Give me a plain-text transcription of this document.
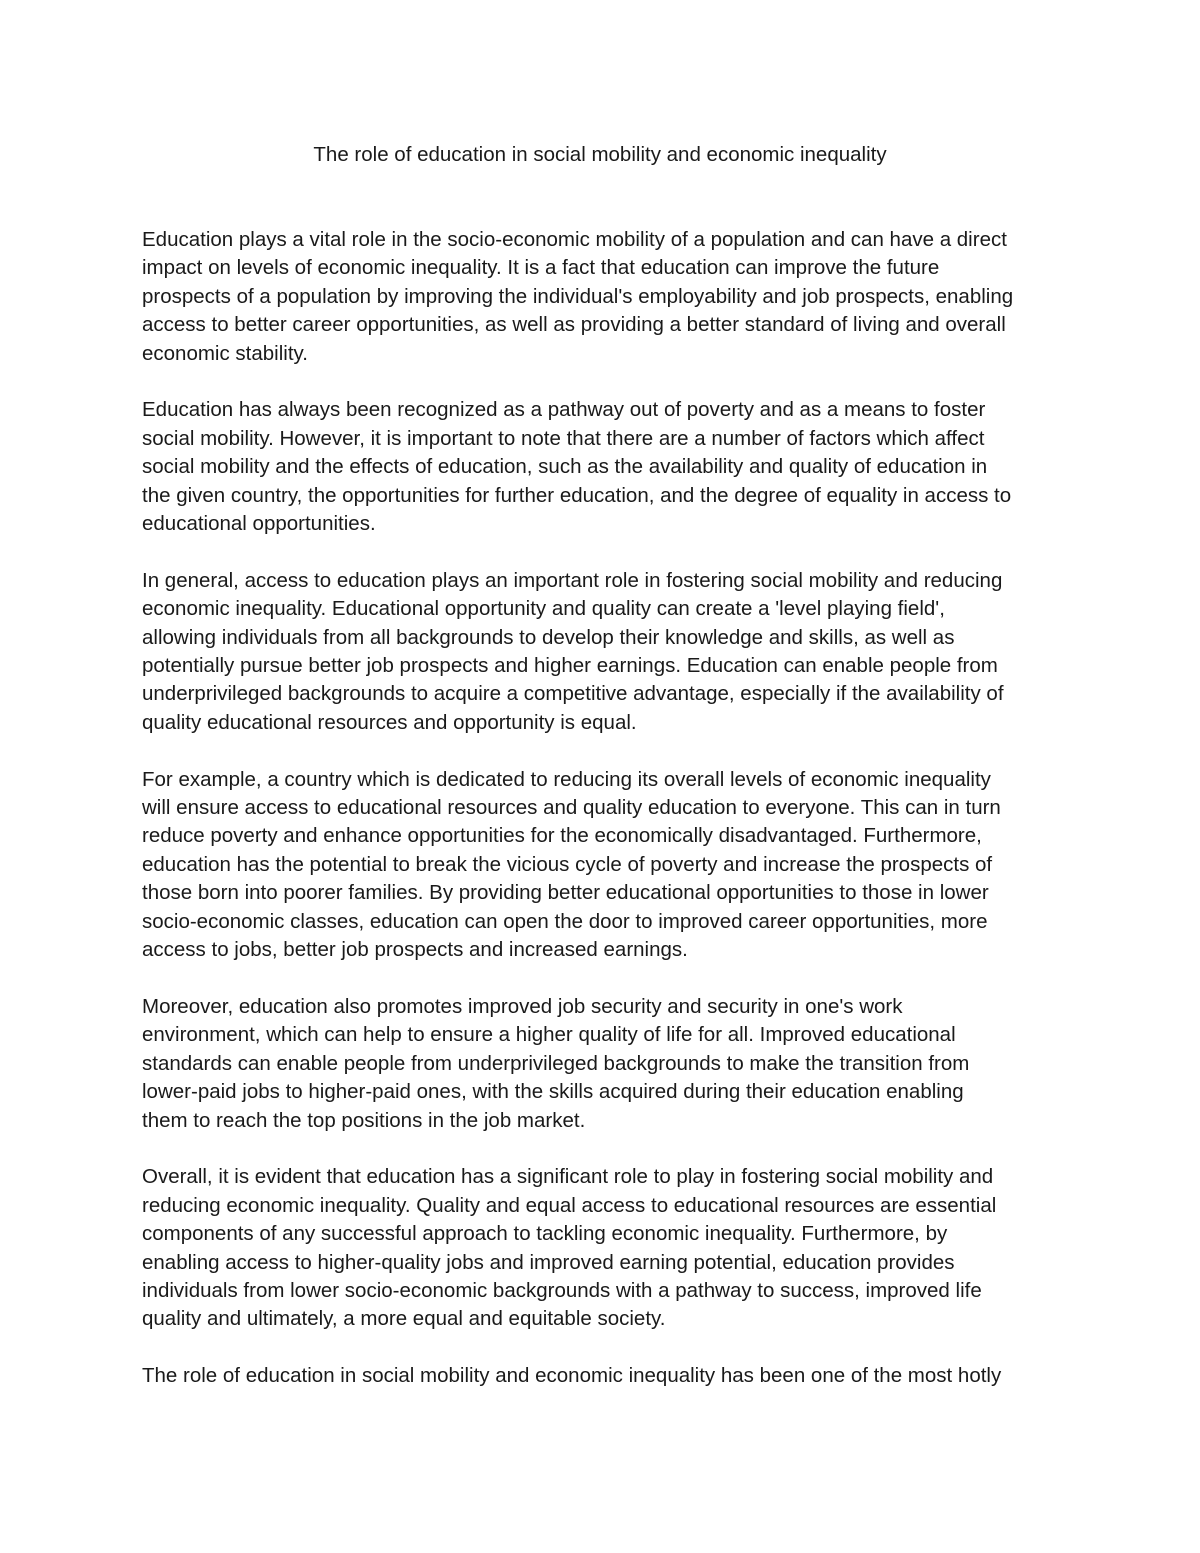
The role of education in social mobility and economic inequality

Education plays a vital role in the socio-economic mobility of a population and can have a direct
impact on levels of economic inequality. It is a fact that education can improve the future
prospects of a population by improving the individual's employability and job prospects, enabling
access to better career opportunities, as well as providing a better standard of living and overall
economic stability.

Education has always been recognized as a pathway out of poverty and as a means to foster
social mobility. However, it is important to note that there are a number of factors which affect
social mobility and the effects of education, such as the availability and quality of education in
the given country, the opportunities for further education, and the degree of equality in access to
educational opportunities.

In general, access to education plays an important role in fostering social mobility and reducing
economic inequality. Educational opportunity and quality can create a 'level playing field',
allowing individuals from all backgrounds to develop their knowledge and skills, as well as
potentially pursue better job prospects and higher earnings. Education can enable people from
underprivileged backgrounds to acquire a competitive advantage, especially if the availability of
quality educational resources and opportunity is equal.

For example, a country which is dedicated to reducing its overall levels of economic inequality
will ensure access to educational resources and quality education to everyone. This can in turn
reduce poverty and enhance opportunities for the economically disadvantaged. Furthermore,
education has the potential to break the vicious cycle of poverty and increase the prospects of
those born into poorer families. By providing better educational opportunities to those in lower
socio-economic classes, education can open the door to improved career opportunities, more
access to jobs, better job prospects and increased earnings.

Moreover, education also promotes improved job security and security in one's work
environment, which can help to ensure a higher quality of life for all. Improved educational
standards can enable people from underprivileged backgrounds to make the transition from
lower-paid jobs to higher-paid ones, with the skills acquired during their education enabling
them to reach the top positions in the job market.

Overall, it is evident that education has a significant role to play in fostering social mobility and
reducing economic inequality. Quality and equal access to educational resources are essential
components of any successful approach to tackling economic inequality. Furthermore, by
enabling access to higher-quality jobs and improved earning potential, education provides
individuals from lower socio-economic backgrounds with a pathway to success, improved life
quality and ultimately, a more equal and equitable society.

The role of education in social mobility and economic inequality has been one of the most hotly
